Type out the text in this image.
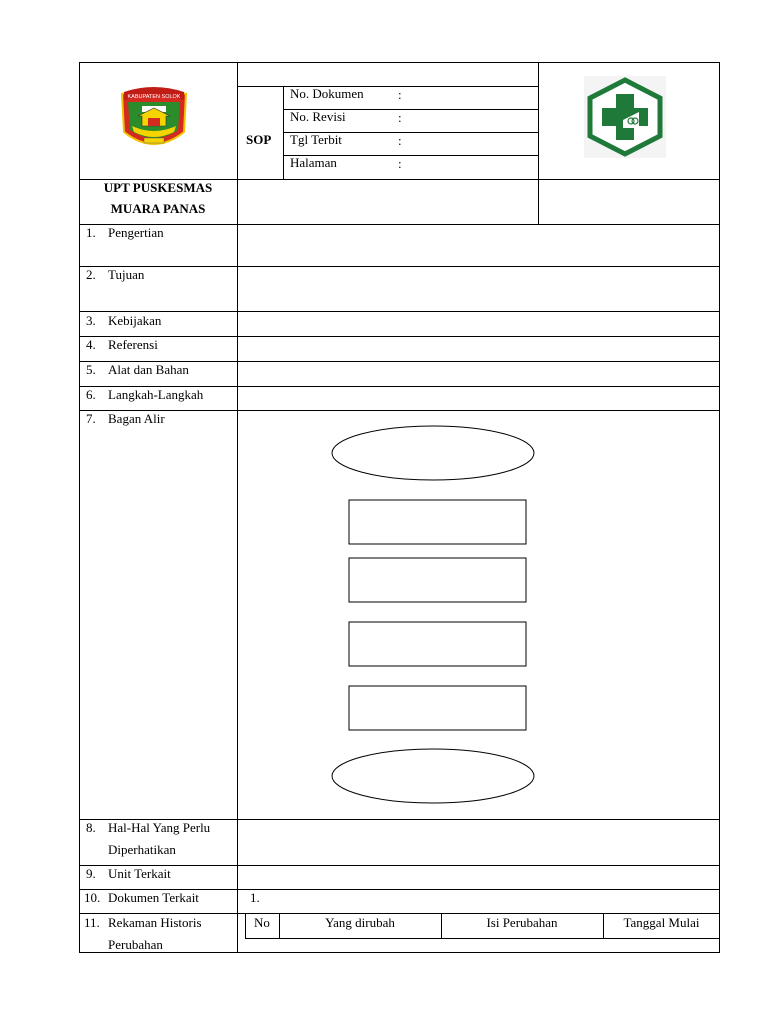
KABUPATEN SOLOK
SOP
No. Dokumen	:
No. Revisi	:
Tgl Terbit	:
Halaman	:
UPT PUSKESMAS
MUARA PANAS
1. Pengertian
2. Tujuan
3. Kebijakan
4. Referensi
5. Alat dan Bahan
6. Langkah-Langkah
7. Bagan Alir
8. Hal-Hal Yang Perlu
Diperhatikan
9. Unit Terkait
10. Dokumen Terkait	1.
11. Rekaman Historis
Perubahan
No	Yang dirubah	Isi Perubahan	Tanggal Mulai
